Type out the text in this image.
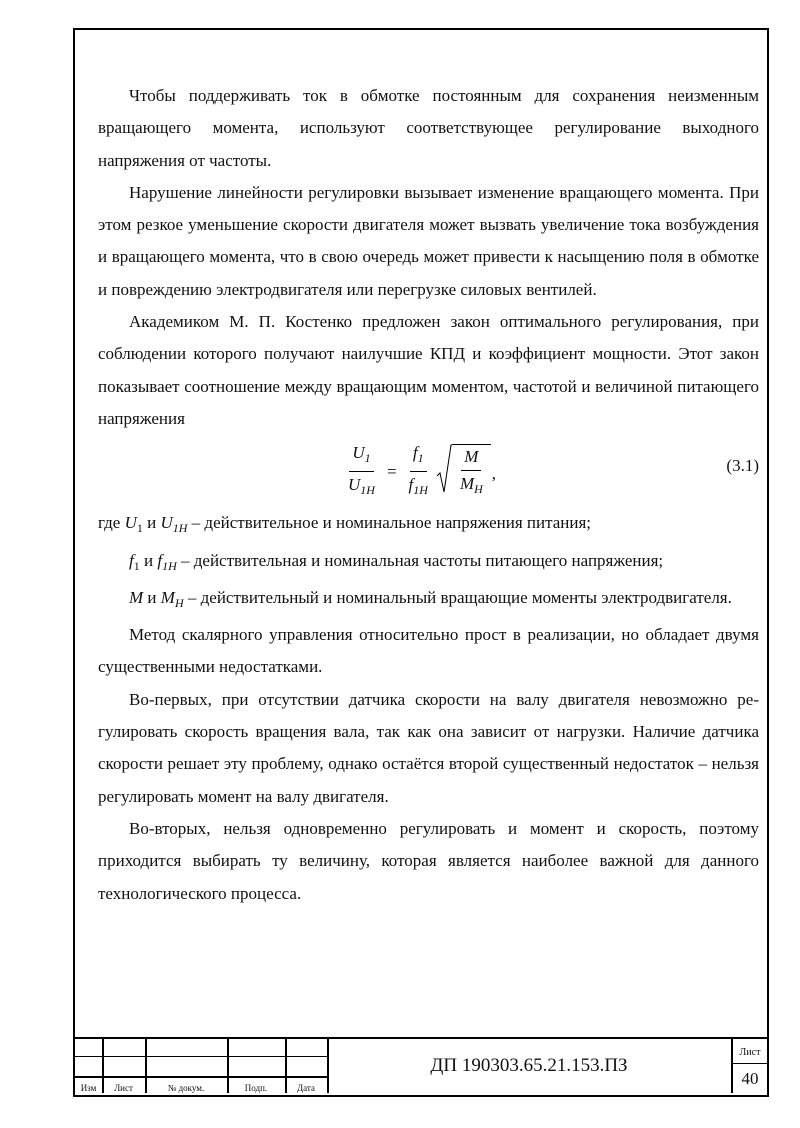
Чтобы поддерживать ток в обмотке постоянным для сохранения неизменным вращающего момента, используют соответствующее регулирование выходного напряжения от частоты.

Нарушение линейности регулировки вызывает изменение вращающего момента. При этом резкое уменьшение скорости двигателя может вызвать увеличение тока возбуждения и вращающего момента, что в свою очередь может привести к насыщению поля в обмотке и повреждению электродвигателя или перегрузке силовых вентилей.

Академиком М. П. Костенко предложен закон оптимального регулирования, при соблюдении которого получают наилучшие КПД и коэффициент мощности. Этот закон показывает соотношение между вращающим моментом, частотой и величиной питающего напряжения

$\frac{U_1}{U_{1H}} = \frac{f_1}{f_{1H}} \frac{M}{M_H}$ ,	(3.1)

где $U_1$ и $U_{1H}$ – действительное и номинальное напряжения питания;

$f_1$ и $f_{1H}$ – действительная и номинальная частоты питающего напряжения;

M и $M_H$ – действительный и номинальный вращающие моменты электродвигателя.

Метод скалярного управления относительно прост в реализации, но обладает двумя существенными недостатками.

Во-первых, при отсутствии датчика скорости на валу двигателя невозможно регулировать скорость вращения вала, так как она зависит от нагрузки. Наличие датчика скорости решает эту проблему, однако остаётся второй существенный недостаток – нельзя регулировать момент на валу двигателя.

Во-вторых, нельзя одновременно регулировать и момент и скорость, поэтому приходится выбирать ту величину, которая является наиболее важной для данного технологического процесса.

Изм	Лист	№ докум.	Подп.	Дата
ДП 190303.65.21.153.ПЗ
Лист
40
